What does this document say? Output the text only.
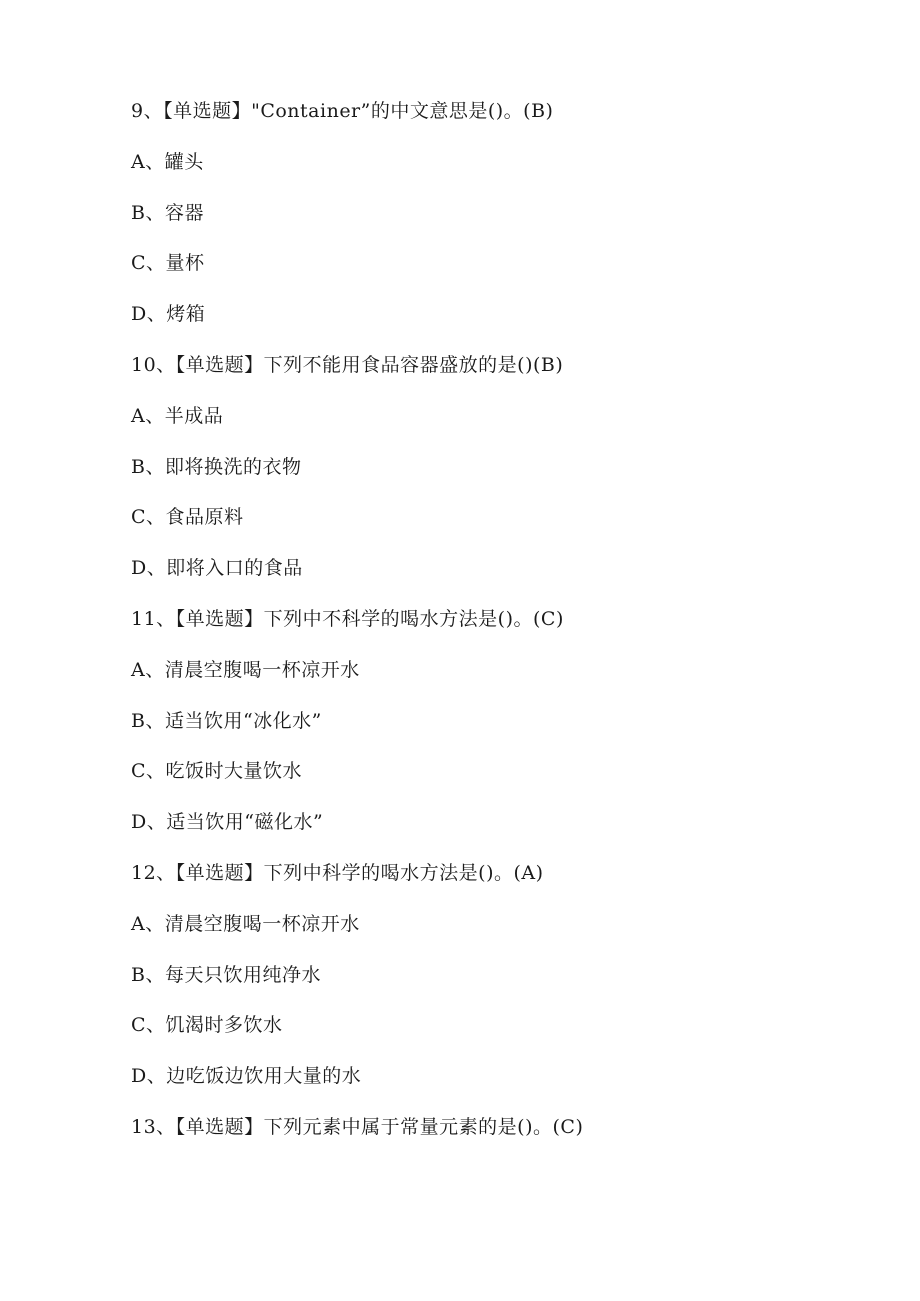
9、【单选题】"Container”的中文意思是()。(B)
A、罐头
B、容器
C、量杯
D、烤箱
10、【单选题】下列不能用食品容器盛放的是()(B)
A、半成品
B、即将换洗的衣物
C、食品原料
D、即将入口的食品
11、【单选题】下列中不科学的喝水方法是()。(C)
A、清晨空腹喝一杯凉开水
B、适当饮用“冰化水”
C、吃饭时大量饮水
D、适当饮用“磁化水”
12、【单选题】下列中科学的喝水方法是()。(A)
A、清晨空腹喝一杯凉开水
B、每天只饮用纯净水
C、饥渴时多饮水
D、边吃饭边饮用大量的水
13、【单选题】下列元素中属于常量元素的是()。(C)
